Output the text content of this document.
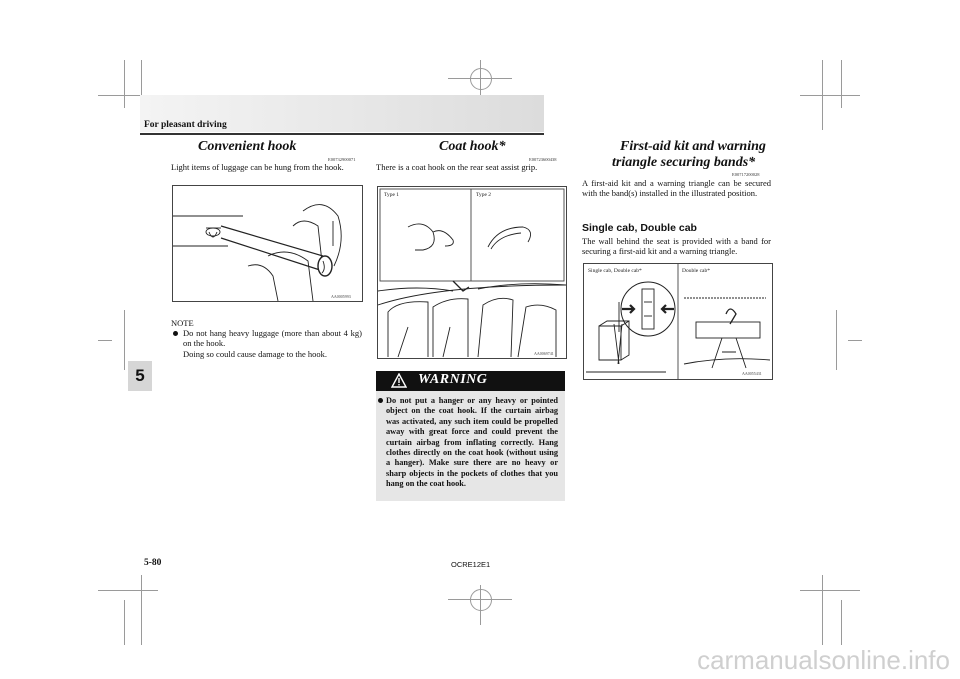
For pleasant driving
5
Convenient hook
E00732900071
Light items of luggage can be hung from the hook.
AA0005993
NOTE
Do not hang heavy luggage (more than about 4 kg) on the hook.
Doing so could cause damage to the hook.
Coat hook*
E00723600438
There is a coat hook on the rear seat assist grip.
Type 1	Type 2
AA0069741
WARNING
Do not put a hanger or any heavy or pointed object on the coat hook. If the curtain airbag was activated, any such item could be propelled away with great force and could prevent the curtain airbag from inflating correctly. Hang clothes directly on the coat hook (without using a hanger). Make sure there are no heavy or sharp objects in the pockets of clothes that you hang on the coat hook.
First-aid kit and warning
triangle securing bands*
E00717200028
A first-aid kit and a warning triangle can be secured with the band(s) installed in the illustrated position.
Single cab, Double cab
The wall behind the seat is provided with a band for securing a first-aid kit and a warning triangle.
Single cab, Double cab*	Double cab*
AA0055431
5-80	OCRE12E1
carmanualsonline.info
